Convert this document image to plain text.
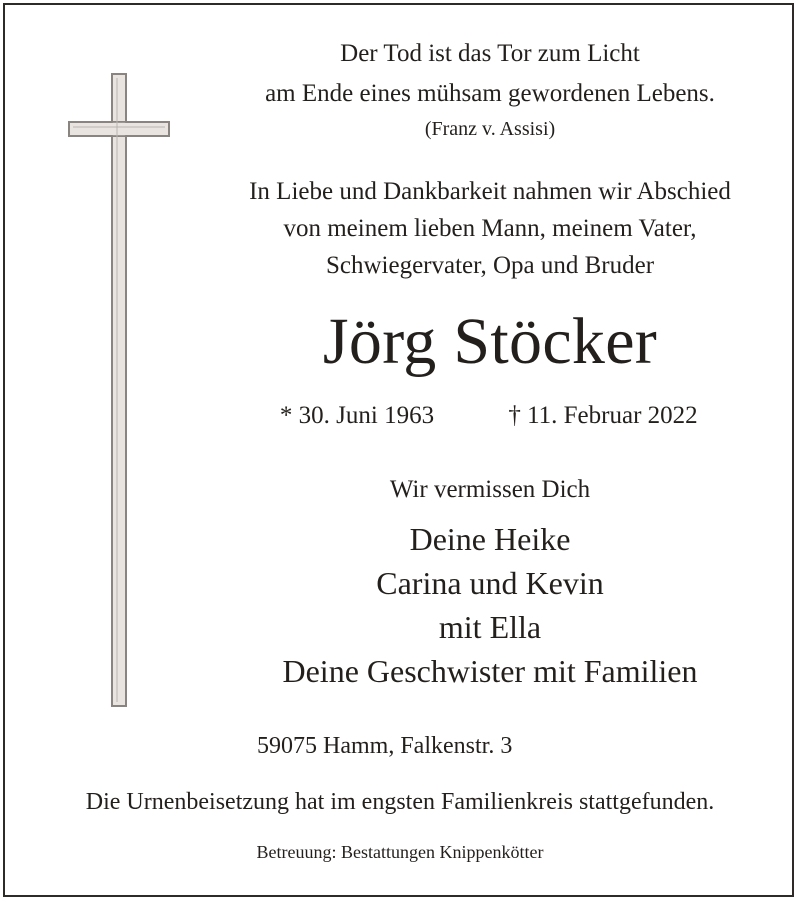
Der Tod ist das Tor zum Licht
am Ende eines mühsam gewordenen Lebens.
(Franz v. Assisi)
In Liebe und Dankbarkeit nahmen wir Abschied
von meinem lieben Mann, meinem Vater,
Schwiegervater, Opa und Bruder
Jörg Stöcker
* 30. Juni 1963	† 11. Februar 2022
Wir vermissen Dich
Deine Heike
Carina und Kevin
mit Ella
Deine Geschwister mit Familien
59075 Hamm, Falkenstr. 3
Die Urnenbeisetzung hat im engsten Familienkreis stattgefunden.
Betreuung: Bestattungen Knippenkötter
